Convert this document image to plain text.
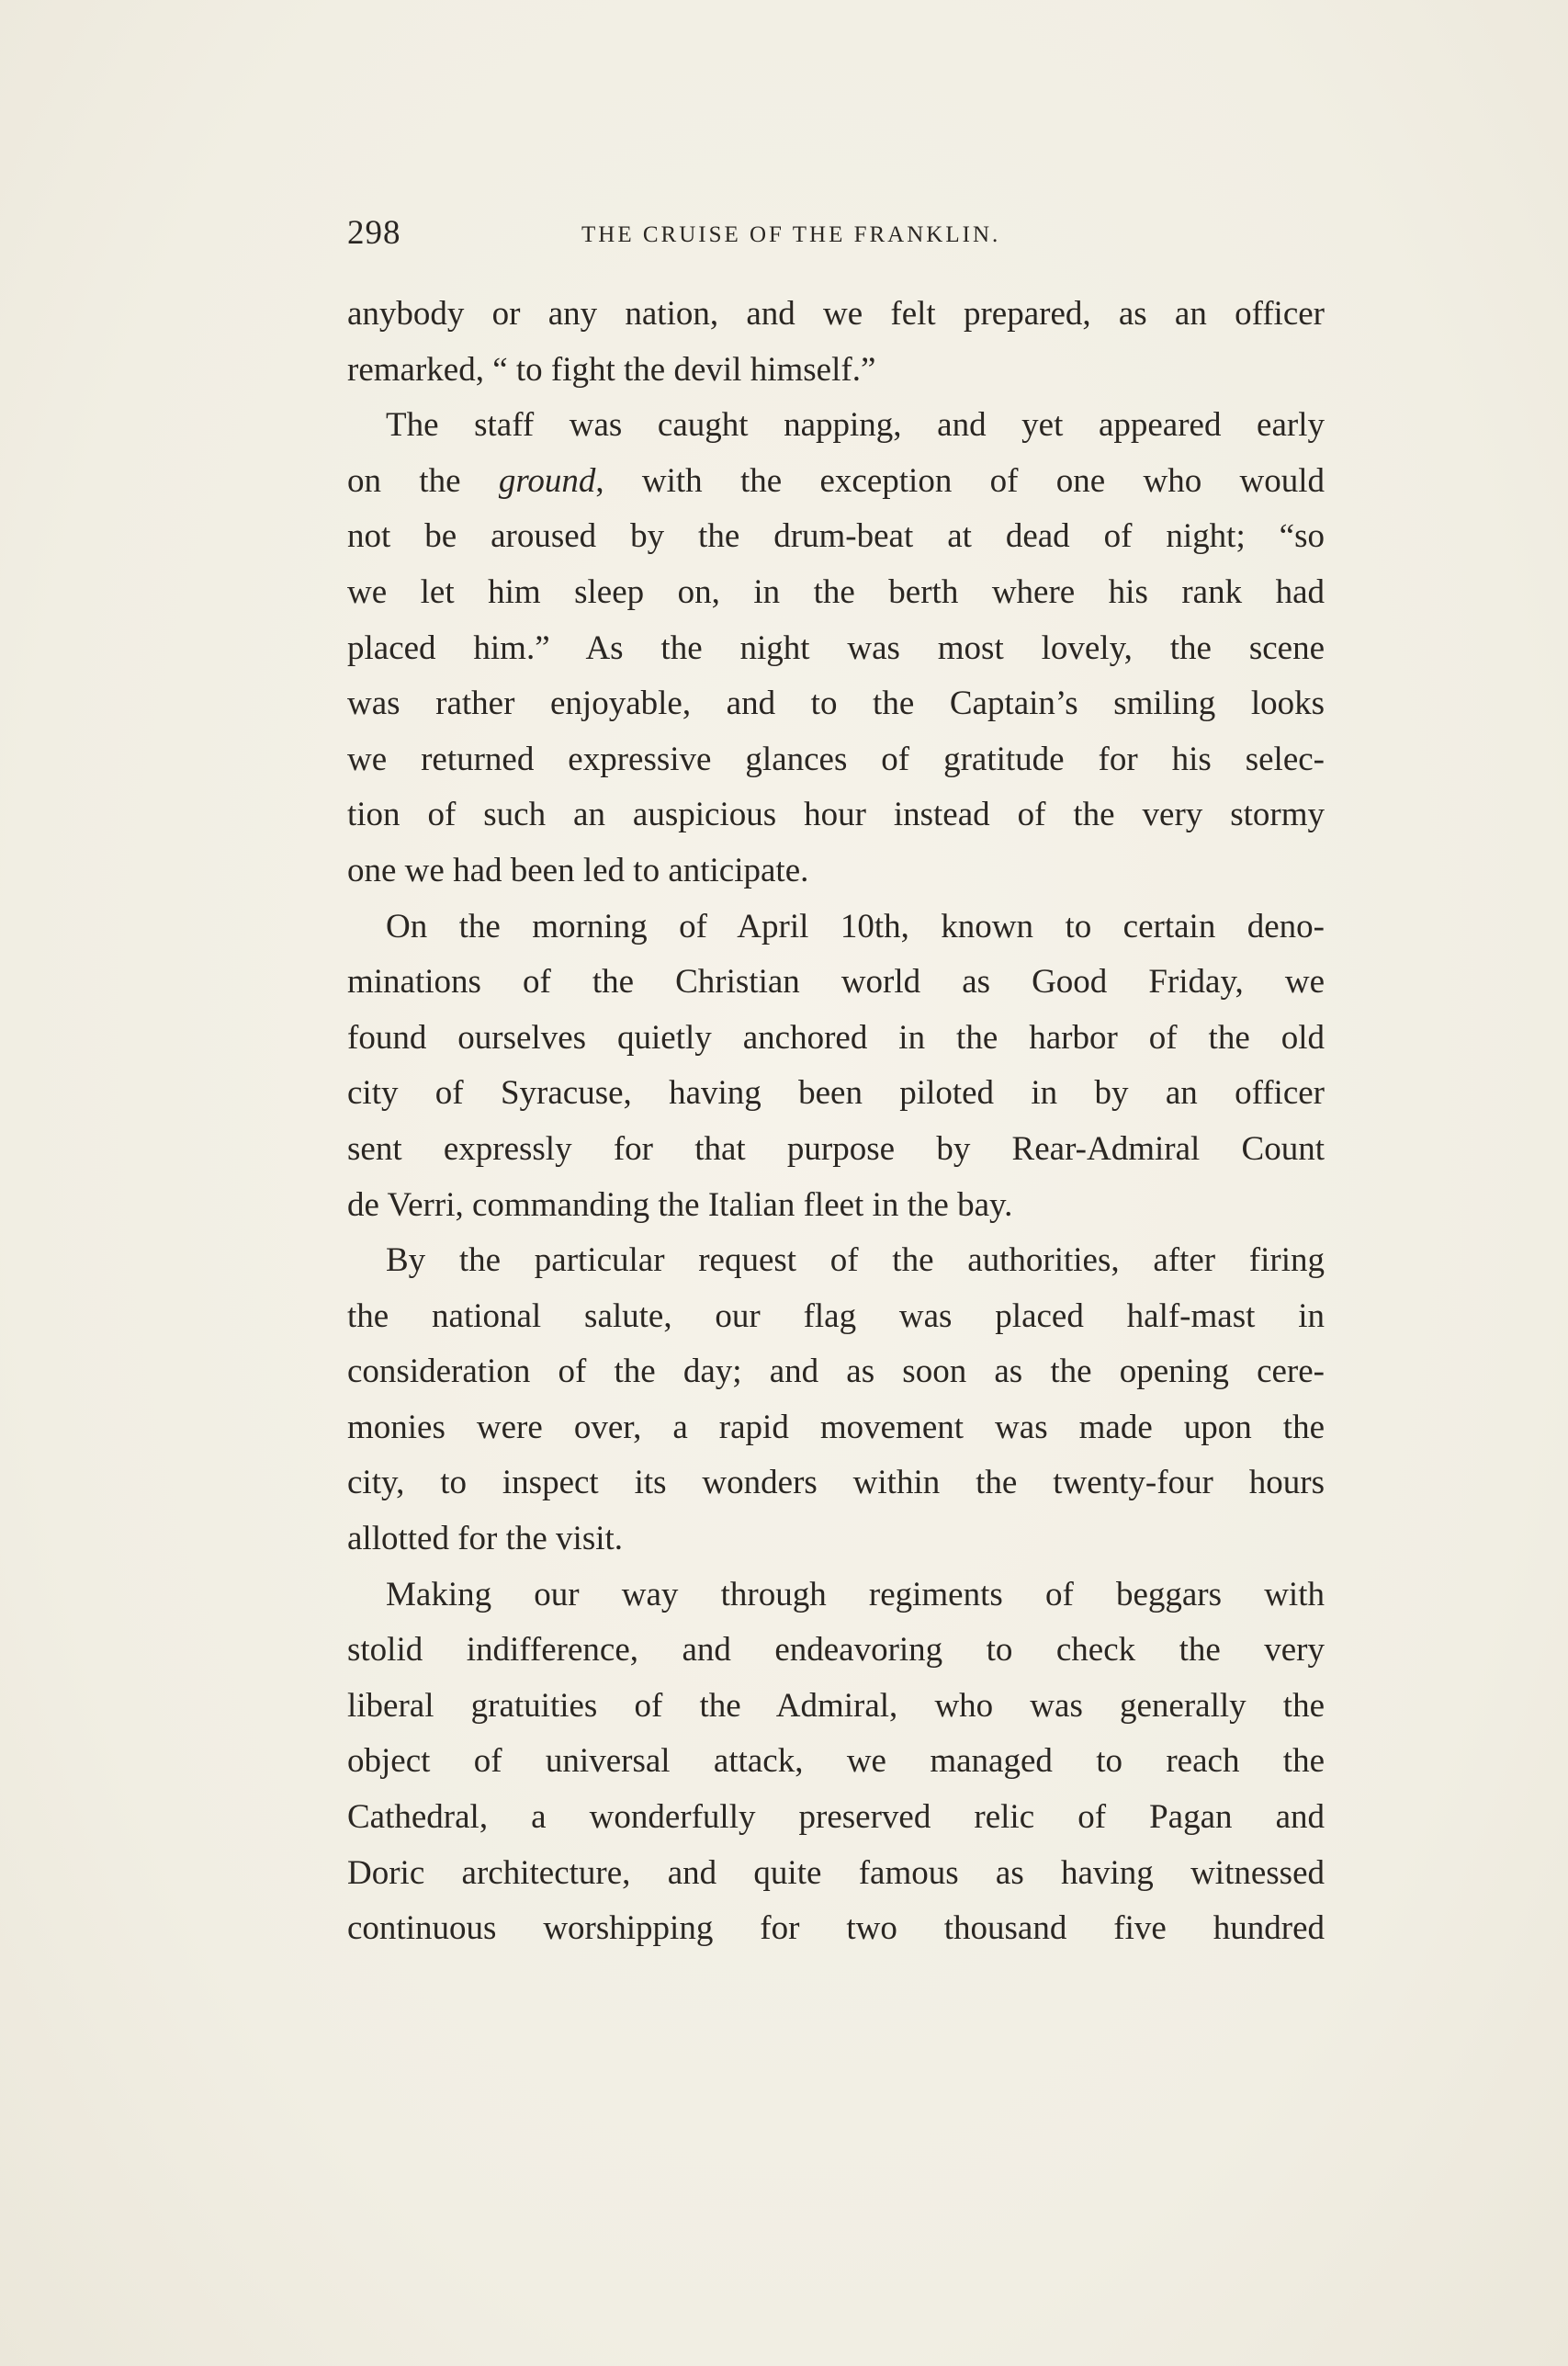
298	THE CRUISE OF THE FRANKLIN.
anybody or any nation, and we felt prepared, as an officer
remarked, “ to fight the devil himself.”
The staff was caught napping, and yet appeared early
on the ground, with the exception of one who would
not be aroused by the drum-beat at dead of night; “so
we let him sleep on, in the berth where his rank had
placed him.” As the night was most lovely, the scene
was rather enjoyable, and to the Captain’s smiling looks
we returned expressive glances of gratitude for his selec-
tion of such an auspicious hour instead of the very stormy
one we had been led to anticipate.
On the morning of April 10th, known to certain deno-
minations of the Christian world as Good Friday, we
found ourselves quietly anchored in the harbor of the old
city of Syracuse, having been piloted in by an officer
sent expressly for that purpose by Rear-Admiral Count
de Verri, commanding the Italian fleet in the bay.
By the particular request of the authorities, after firing
the national salute, our flag was placed half-mast in
consideration of the day; and as soon as the opening cere-
monies were over, a rapid movement was made upon the
city, to inspect its wonders within the twenty-four hours
allotted for the visit.
Making our way through regiments of beggars with
stolid indifference, and endeavoring to check the very
liberal gratuities of the Admiral, who was generally the
object of universal attack, we managed to reach the
Cathedral, a wonderfully preserved relic of Pagan and
Doric architecture, and quite famous as having witnessed
continuous worshipping for two thousand five hundred
